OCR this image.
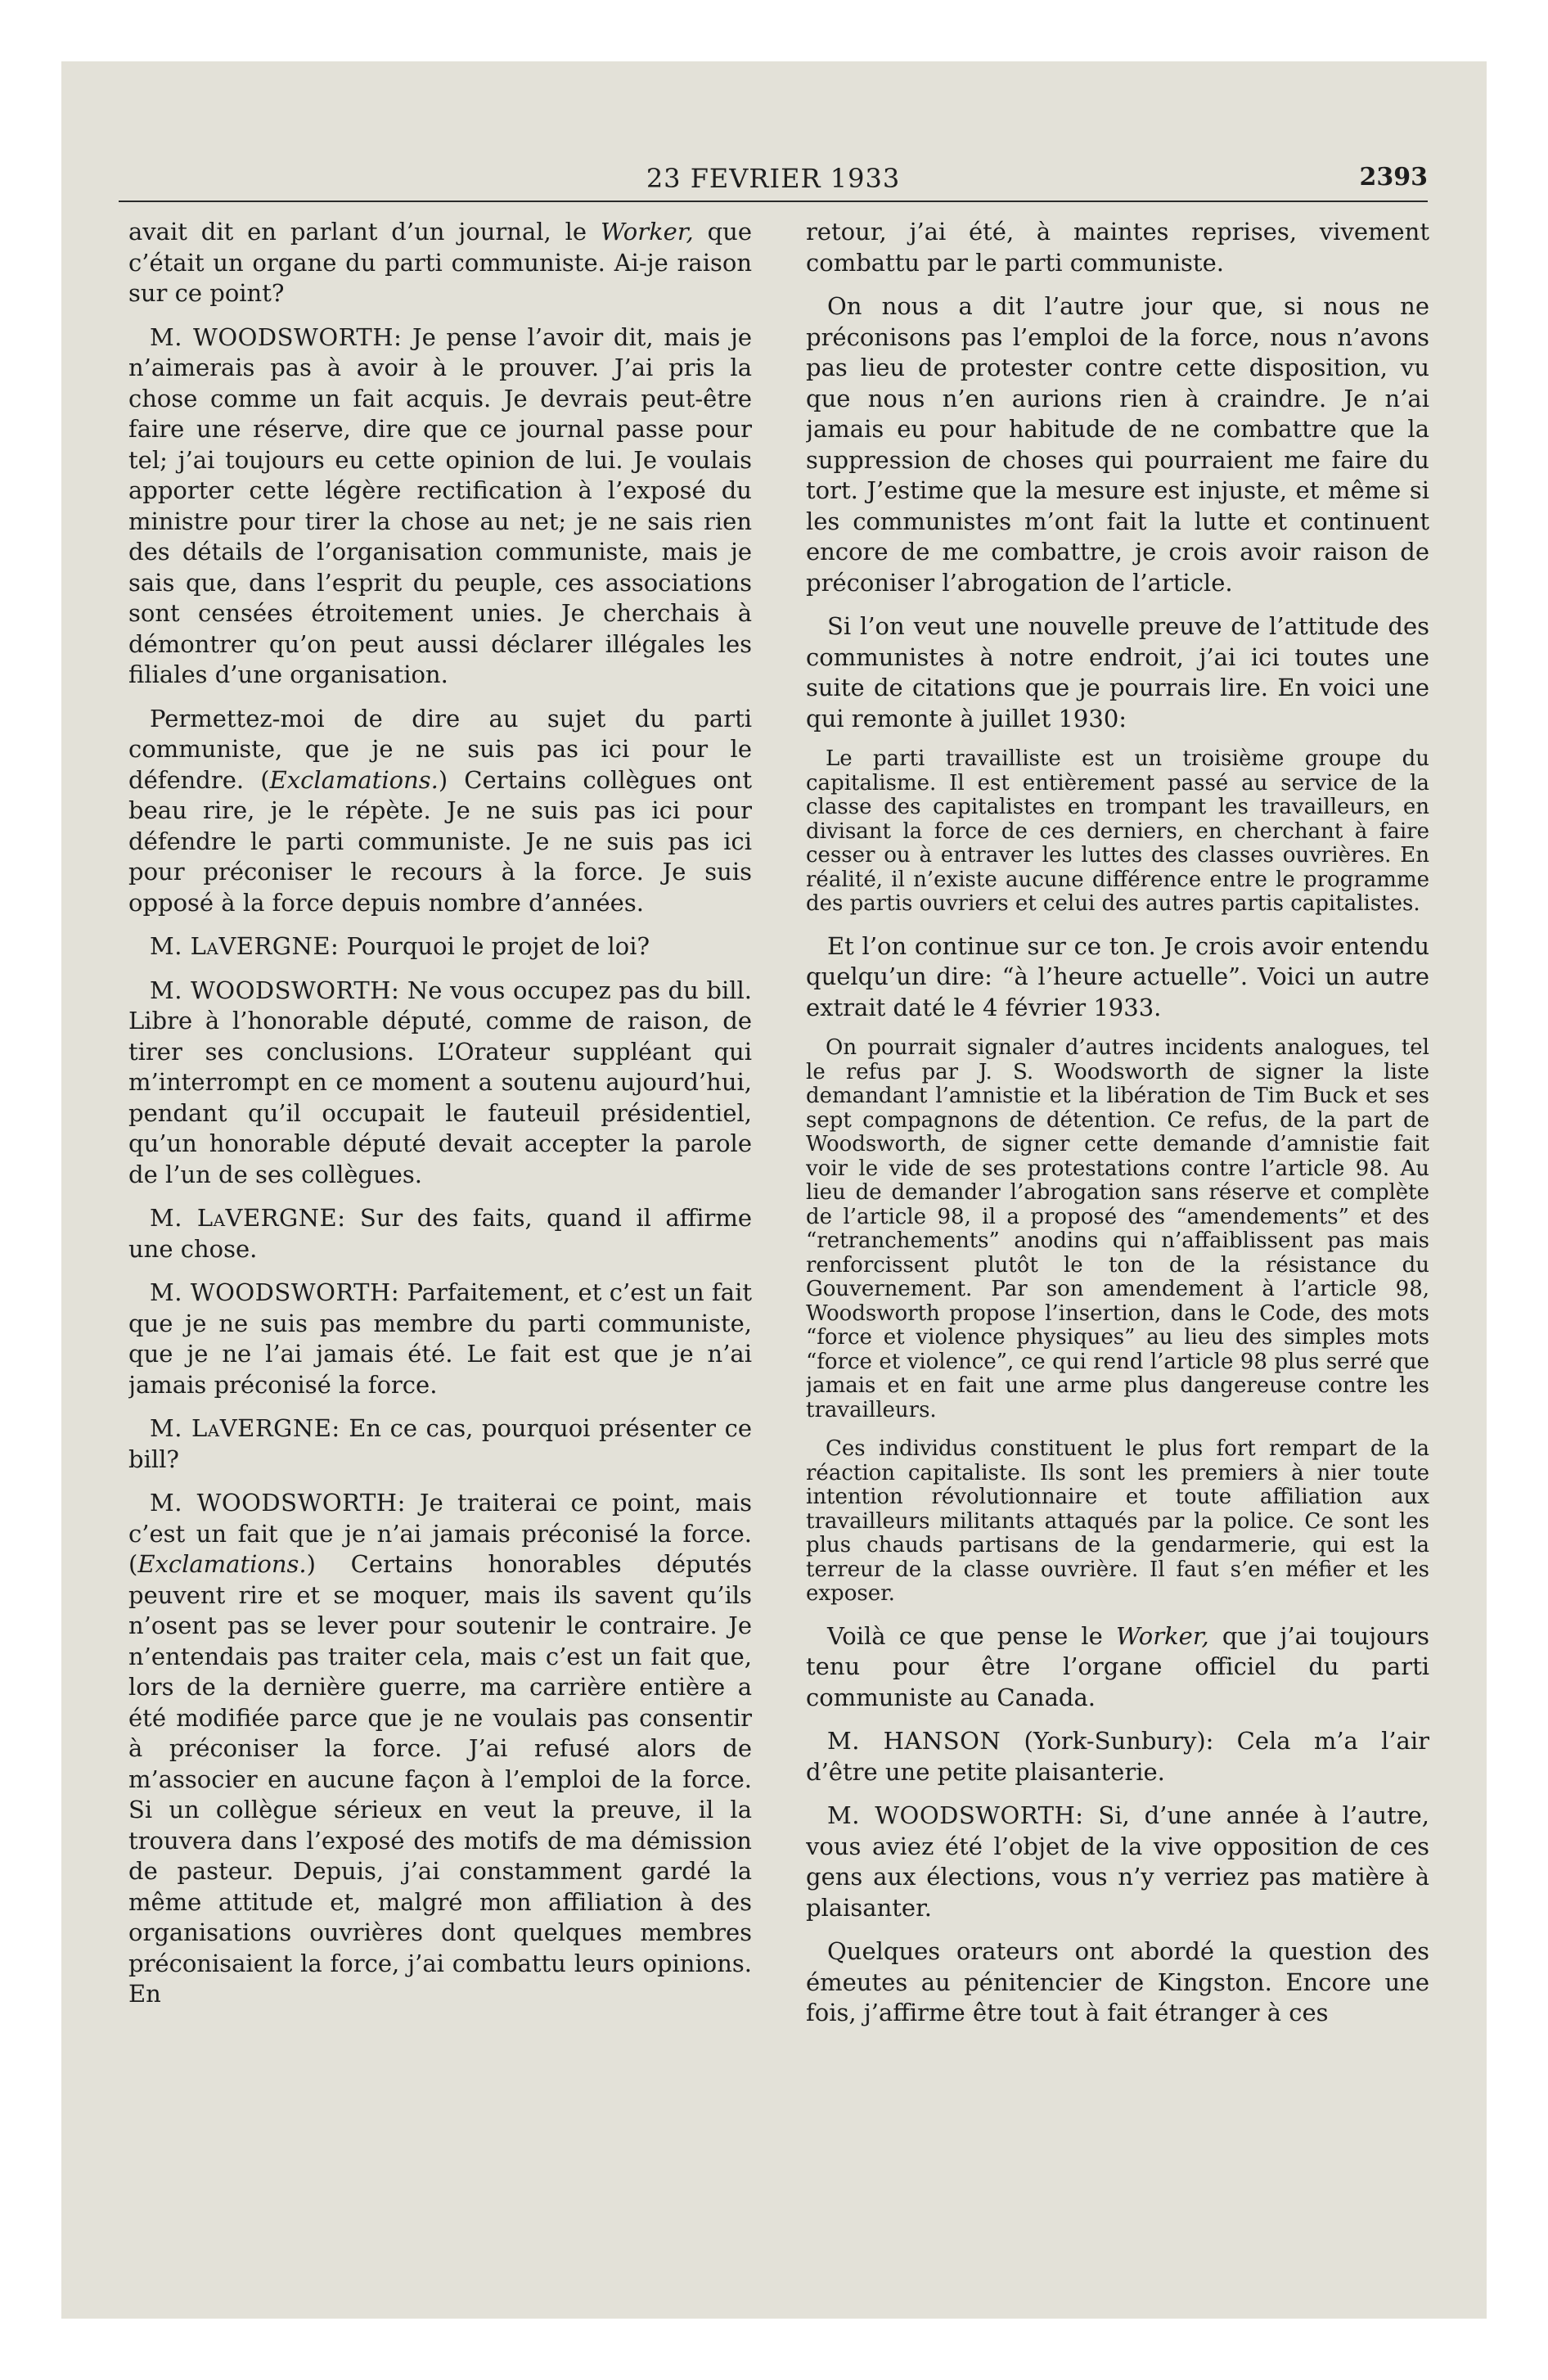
23 FEVRIER 1933	2393

avait dit en parlant d’un journal, le Worker, que c’était un organe du parti communiste. Ai-je raison sur ce point?

M. WOODSWORTH: Je pense l’avoir dit, mais je n’aimerais pas à avoir à le prouver. J’ai pris la chose comme un fait acquis. Je devrais peut-être faire une réserve, dire que ce journal passe pour tel; j’ai toujours eu cette opinion de lui. Je voulais apporter cette légère rectification à l’exposé du ministre pour tirer la chose au net; je ne sais rien des détails de l’organisation communiste, mais je sais que, dans l’esprit du peuple, ces associations sont censées étroitement unies. Je cherchais à démontrer qu’on peut aussi déclarer illégales les filiales d’une organisation.

Permettez-moi de dire au sujet du parti communiste, que je ne suis pas ici pour le défendre. (Exclamations.) Certains collègues ont beau rire, je le répète. Je ne suis pas ici pour défendre le parti communiste. Je ne suis pas ici pour préconiser le recours à la force. Je suis opposé à la force depuis nombre d’années.

M. LaVERGNE: Pourquoi le projet de loi?

M. WOODSWORTH: Ne vous occupez pas du bill. Libre à l’honorable député, comme de raison, de tirer ses conclusions. L’Orateur suppléant qui m’interrompt en ce moment a soutenu aujourd’hui, pendant qu’il occupait le fauteuil présidentiel, qu’un honorable député devait accepter la parole de l’un de ses collègues.

M. LaVERGNE: Sur des faits, quand il affirme une chose.

M. WOODSWORTH: Parfaitement, et c’est un fait que je ne suis pas membre du parti communiste, que je ne l’ai jamais été. Le fait est que je n’ai jamais préconisé la force.

M. LaVERGNE: En ce cas, pourquoi présenter ce bill?

M. WOODSWORTH: Je traiterai ce point, mais c’est un fait que je n’ai jamais préconisé la force. (Exclamations.) Certains honorables députés peuvent rire et se moquer, mais ils savent qu’ils n’osent pas se lever pour soutenir le contraire. Je n’entendais pas traiter cela, mais c’est un fait que, lors de la dernière guerre, ma carrière entière a été modifiée parce que je ne voulais pas consentir à préconiser la force. J’ai refusé alors de m’associer en aucune façon à l’emploi de la force. Si un collègue sérieux en veut la preuve, il la trouvera dans l’exposé des motifs de ma démission de pasteur. Depuis, j’ai constamment gardé la même attitude et, malgré mon affiliation à des organisations ouvrières dont quelques membres préconisaient la force, j’ai combattu leurs opinions. En

retour, j’ai été, à maintes reprises, vivement combattu par le parti communiste.

On nous a dit l’autre jour que, si nous ne préconisons pas l’emploi de la force, nous n’avons pas lieu de protester contre cette disposition, vu que nous n’en aurions rien à craindre. Je n’ai jamais eu pour habitude de ne combattre que la suppression de choses qui pourraient me faire du tort. J’estime que la mesure est injuste, et même si les communistes m’ont fait la lutte et continuent encore de me combattre, je crois avoir raison de préconiser l’abrogation de l’article.

Si l’on veut une nouvelle preuve de l’attitude des communistes à notre endroit, j’ai ici toutes une suite de citations que je pourrais lire. En voici une qui remonte à juillet 1930:

Le parti travailliste est un troisième groupe du capitalisme. Il est entièrement passé au service de la classe des capitalistes en trompant les travailleurs, en divisant la force de ces derniers, en cherchant à faire cesser ou à entraver les luttes des classes ouvrières. En réalité, il n’existe aucune différence entre le programme des partis ouvriers et celui des autres partis capitalistes.

Et l’on continue sur ce ton. Je crois avoir entendu quelqu’un dire: “à l’heure actuelle”. Voici un autre extrait daté le 4 février 1933.

On pourrait signaler d’autres incidents analogues, tel le refus par J. S. Woodsworth de signer la liste demandant l’amnistie et la libération de Tim Buck et ses sept compagnons de détention. Ce refus, de la part de Woodsworth, de signer cette demande d’amnistie fait voir le vide de ses protestations contre l’article 98. Au lieu de demander l’abrogation sans réserve et complète de l’article 98, il a proposé des “amendements” et des “retranchements” anodins qui n’affaiblissent pas mais renforcissent plutôt le ton de la résistance du Gouvernement. Par son amendement à l’article 98, Woodsworth propose l’insertion, dans le Code, des mots “force et violence physiques” au lieu des simples mots “force et violence”, ce qui rend l’article 98 plus serré que jamais et en fait une arme plus dangereuse contre les travailleurs.

Ces individus constituent le plus fort rempart de la réaction capitaliste. Ils sont les premiers à nier toute intention révolutionnaire et toute affiliation aux travailleurs militants attaqués par la police. Ce sont les plus chauds partisans de la gendarmerie, qui est la terreur de la classe ouvrière. Il faut s’en méfier et les exposer.

Voilà ce que pense le Worker, que j’ai toujours tenu pour être l’organe officiel du parti communiste au Canada.

M. HANSON (York-Sunbury): Cela m’a l’air d’être une petite plaisanterie.

M. WOODSWORTH: Si, d’une année à l’autre, vous aviez été l’objet de la vive opposition de ces gens aux élections, vous n’y verriez pas matière à plaisanter.

Quelques orateurs ont abordé la question des émeutes au pénitencier de Kingston. Encore une fois, j’affirme être tout à fait étranger à ces
